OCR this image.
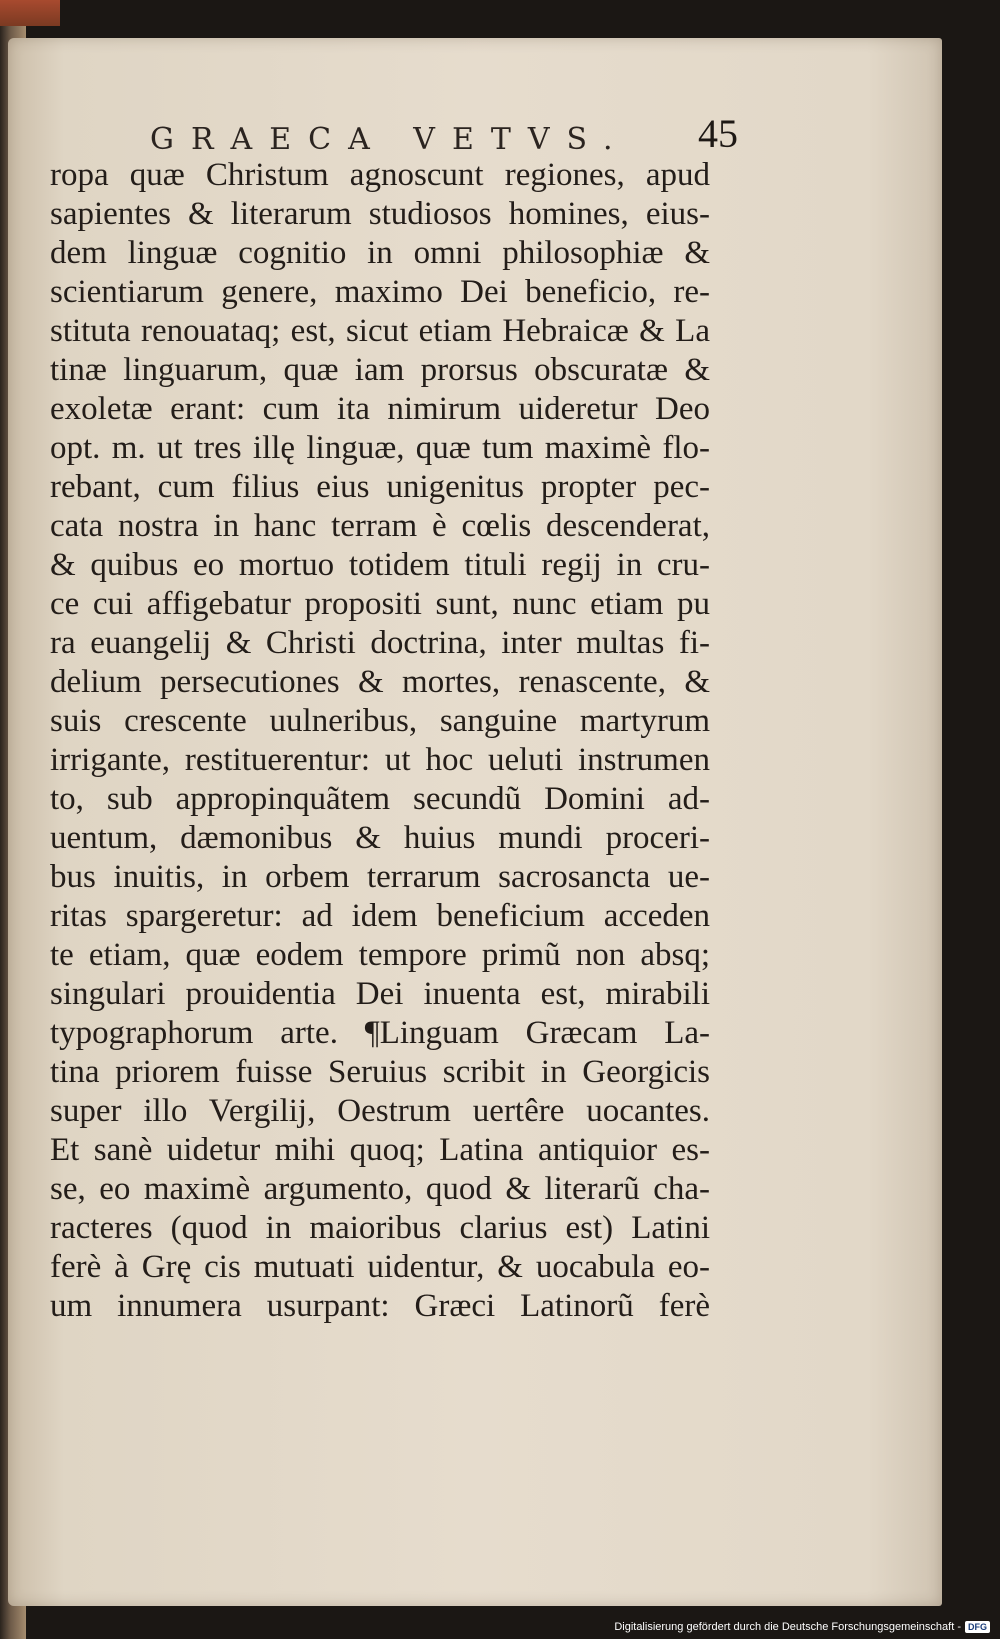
GRAECA VETVS. 45
ropa quæ Christum agnoscunt regiones, apud
sapientes & literarum studiosos homines, eius-
dem linguæ cognitio in omni philosophiæ &
scientiarum genere, maximo Dei beneficio, re-
stituta renouataq; est, sicut etiam Hebraicæ & La
tinæ linguarum, quæ iam prorsus obscuratæ &
exoletæ erant: cum ita nimirum uideretur Deo
opt. m. ut tres illę linguæ, quæ tum maximè flo-
rebant, cum filius eius unigenitus propter pec-
cata nostra in hanc terram è cœlis descenderat,
& quibus eo mortuo totidem tituli regij in cru-
ce cui affigebatur propositi sunt, nunc etiam pu
ra euangelij & Christi doctrina, inter multas fi-
delium persecutiones & mortes, renascente, &
suis crescente uulneribus, sanguine martyrum
irrigante, restituerentur: ut hoc ueluti instrumen
to, sub appropinquãtem secundũ Domini ad-
uentum, dæmonibus & huius mundi proceri-
bus inuitis, in orbem terrarum sacrosancta ue-
ritas spargeretur: ad idem beneficium acceden
te etiam, quæ eodem tempore primũ non absq;
singulari prouidentia Dei inuenta est, mirabili
typographorum arte. ¶Linguam Græcam La-
tina priorem fuisse Seruius scribit in Georgicis
super illo Vergilij, Oestrum uertêre uocantes.
Et sanè uidetur mihi quoq; Latina antiquior es-
se, eo maximè argumento, quod & literarũ cha-
racteres (quod in maioribus clarius est) Latini
ferè à Grę cis mutuati uidentur, & uocabula eo-
um innumera usurpant: Græci Latinorũ ferè
Digitalisierung gefördert durch die Deutsche Forschungsgemeinschaft - DFG
